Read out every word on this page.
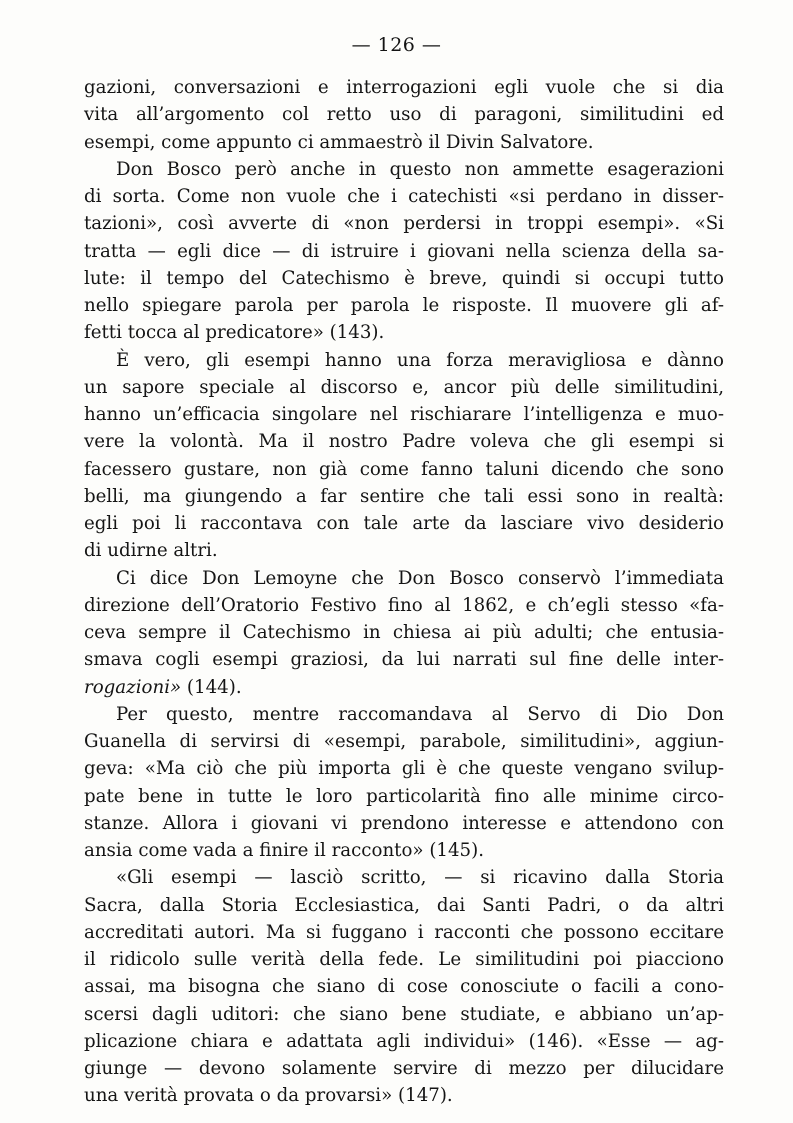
— 126 —
gazioni, conversazioni e interrogazioni egli vuole che si dia
vita all’argomento col retto uso di paragoni, similitudini ed
esempi, come appunto ci ammaestrò il Divin Salvatore.
Don Bosco però anche in questo non ammette esagerazioni
di sorta. Come non vuole che i catechisti «si perdano in disser-
tazioni», così avverte di «non perdersi in troppi esempi». «Si
tratta — egli dice — di istruire i giovani nella scienza della sa-
lute: il tempo del Catechismo è breve, quindi si occupi tutto
nello spiegare parola per parola le risposte. Il muovere gli af-
fetti tocca al predicatore» (143).
È vero, gli esempi hanno una forza meravigliosa e dànno
un sapore speciale al discorso e, ancor più delle similitudini,
hanno un’efficacia singolare nel rischiarare l’intelligenza e muo-
vere la volontà. Ma il nostro Padre voleva che gli esempi si
facessero gustare, non già come fanno taluni dicendo che sono
belli, ma giungendo a far sentire che tali essi sono in realtà:
egli poi li raccontava con tale arte da lasciare vivo desiderio
di udirne altri.
Ci dice Don Lemoyne che Don Bosco conservò l’immediata
direzione dell’Oratorio Festivo fino al 1862, e ch’egli stesso «fa-
ceva sempre il Catechismo in chiesa ai più adulti; che entusia-
smava cogli esempi graziosi, da lui narrati sul fine delle inter-
rogazioni» (144).
Per questo, mentre raccomandava al Servo di Dio Don
Guanella di servirsi di «esempi, parabole, similitudini», aggiun-
geva: «Ma ciò che più importa gli è che queste vengano svilup-
pate bene in tutte le loro particolarità fino alle minime circo-
stanze. Allora i giovani vi prendono interesse e attendono con
ansia come vada a finire il racconto» (145).
«Gli esempi — lasciò scritto, — si ricavino dalla Storia
Sacra, dalla Storia Ecclesiastica, dai Santi Padri, o da altri
accreditati autori. Ma si fuggano i racconti che possono eccitare
il ridicolo sulle verità della fede. Le similitudini poi piacciono
assai, ma bisogna che siano di cose conosciute o facili a cono-
scersi dagli uditori: che siano bene studiate, e abbiano un’ap-
plicazione chiara e adattata agli individui» (146). «Esse — ag-
giunge — devono solamente servire di mezzo per dilucidare
una verità provata o da provarsi» (147).
